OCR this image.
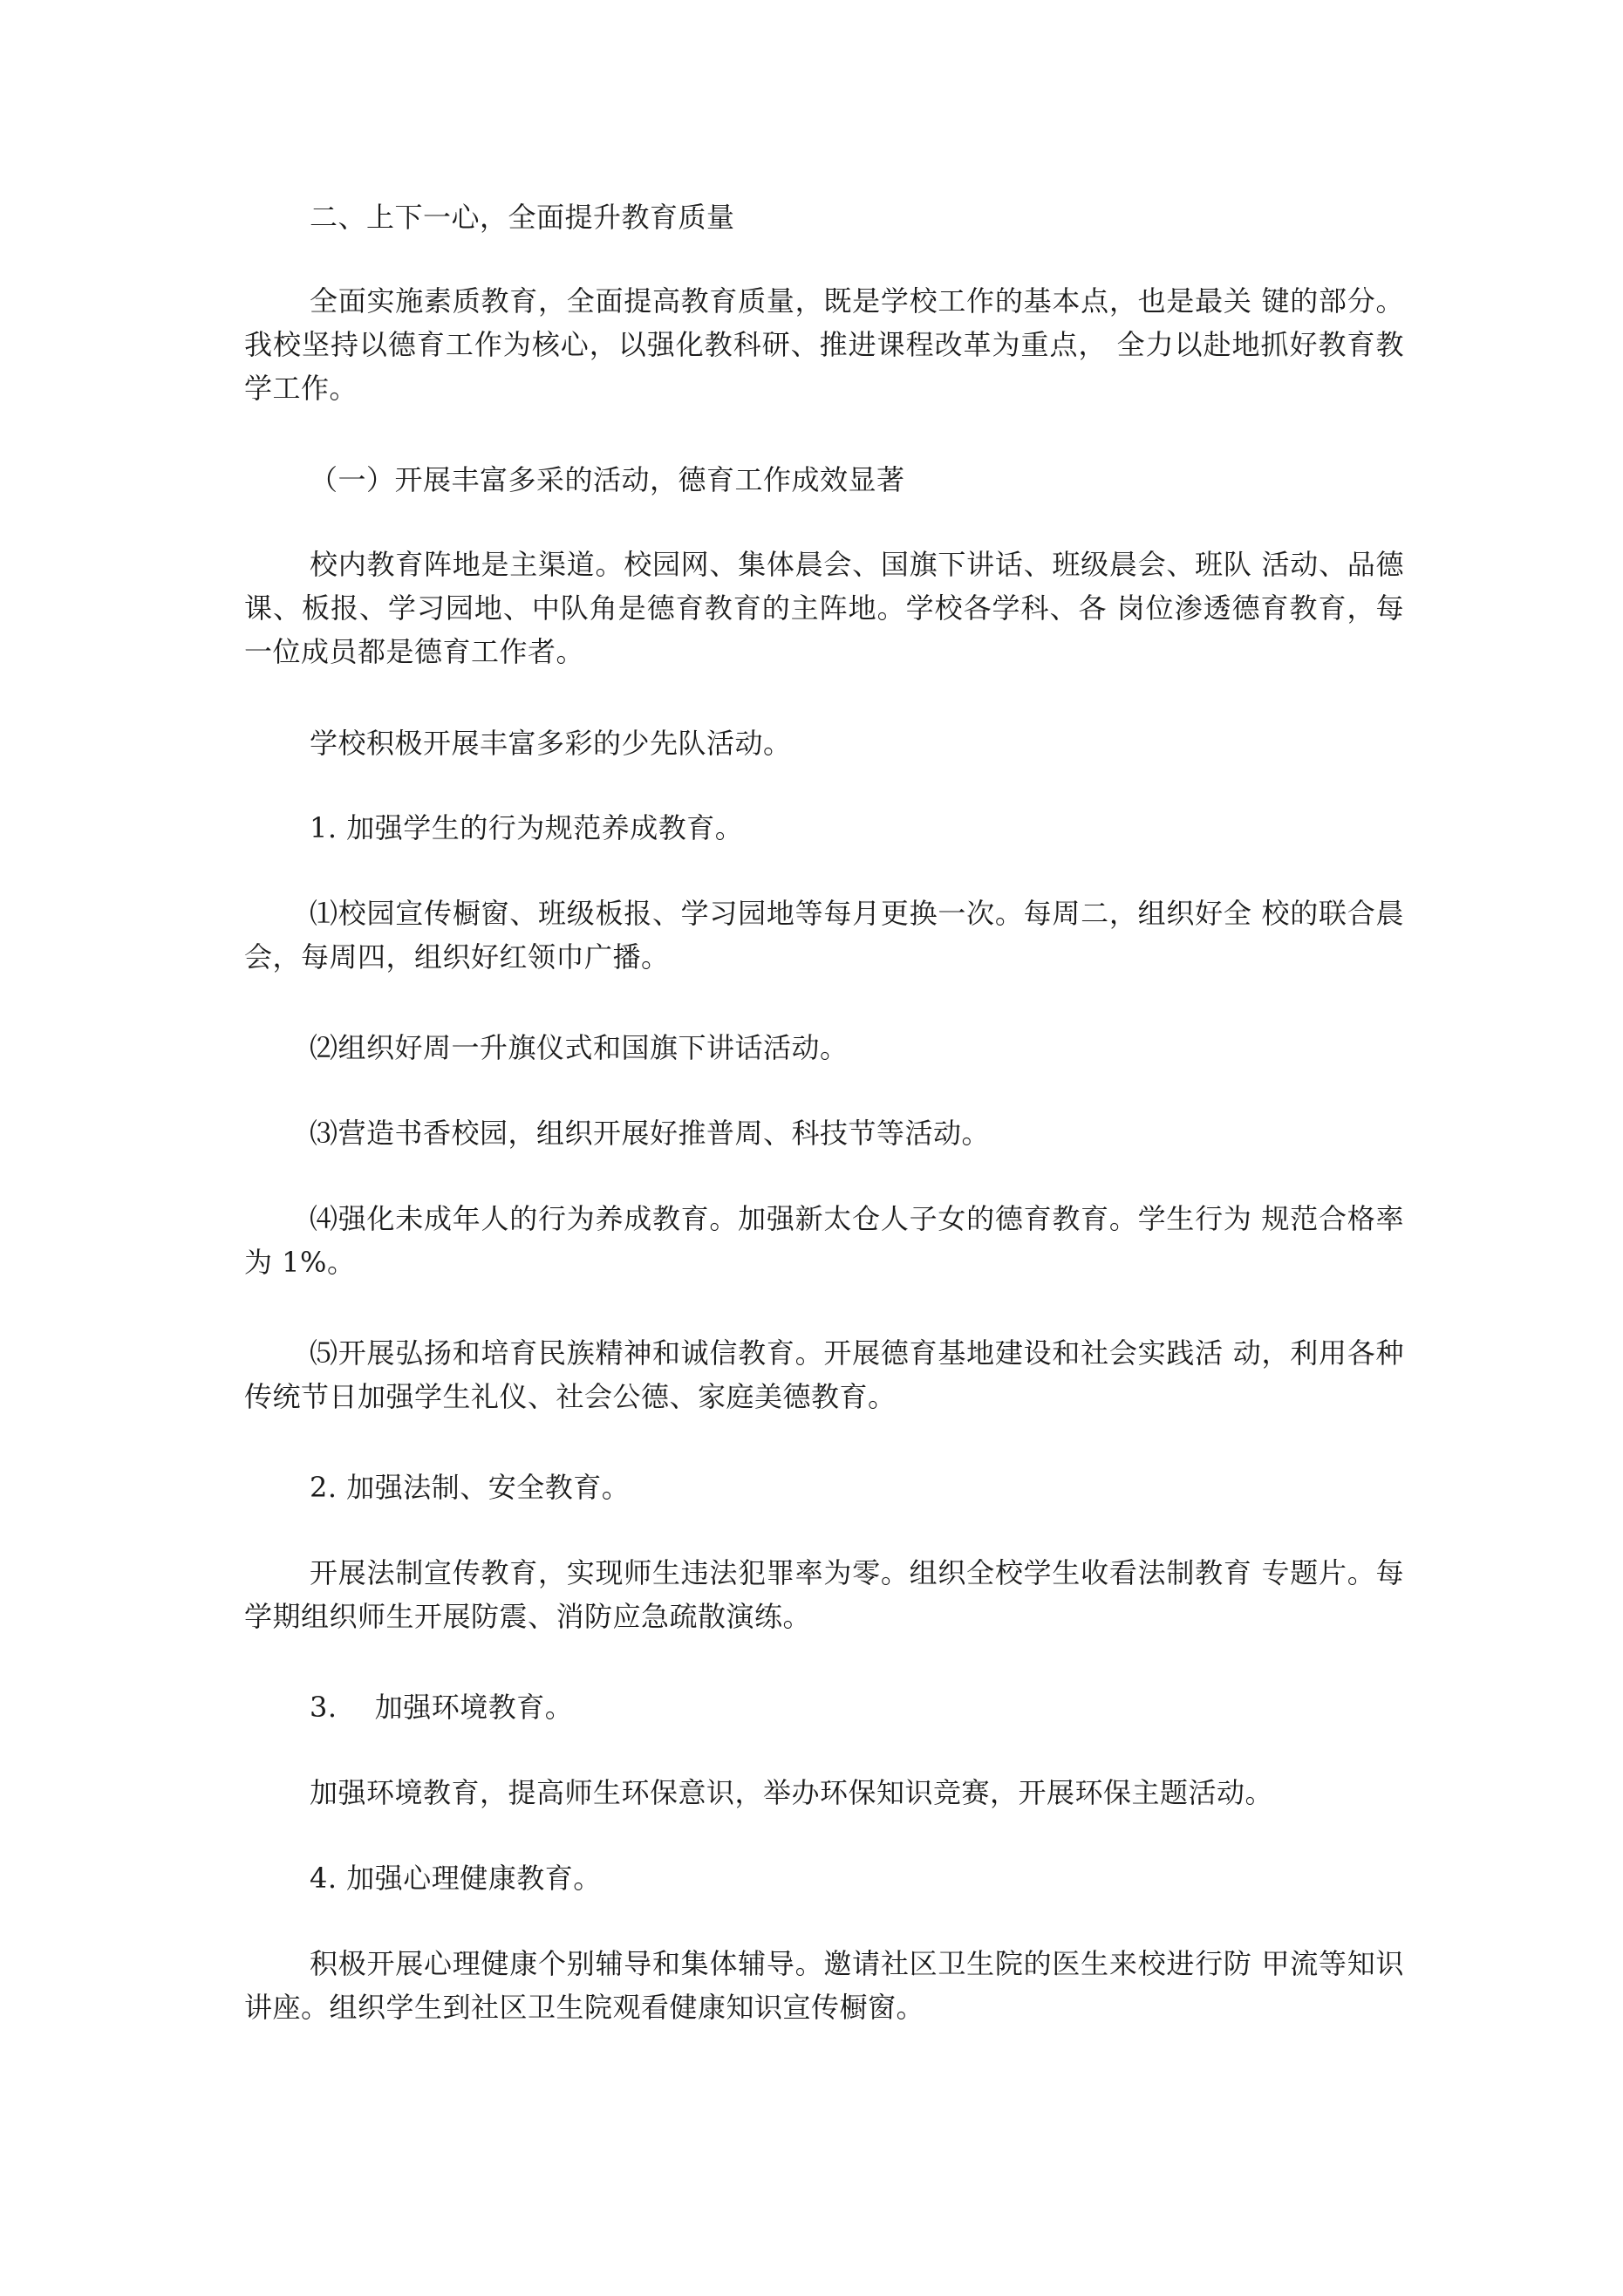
二、上下一心，全面提升教育质量

全面实施素质教育，全面提高教育质量，既是学校工作的基本点，也是最关 键的部分。我校坚持以德育工作为核心，以强化教科研、推进课程改革为重点， 全力以赴地抓好教育教学工作。

（一）开展丰富多采的活动，德育工作成效显著

校内教育阵地是主渠道。校园网、集体晨会、国旗下讲话、班级晨会、班队 活动、品德课、板报、学习园地、中队角是德育教育的主阵地。学校各学科、各 岗位渗透德育教育，每一位成员都是德育工作者。

学校积极开展丰富多彩的少先队活动。

1. 加强学生的行为规范养成教育。

⑴校园宣传橱窗、班级板报、学习园地等每月更换一次。每周二，组织好全 校的联合晨会，每周四，组织好红领巾广播。

⑵组织好周一升旗仪式和国旗下讲话活动。

⑶营造书香校园，组织开展好推普周、科技节等活动。

⑷强化未成年人的行为养成教育。加强新太仓人子女的德育教育。学生行为 规范合格率为 1%。

⑸开展弘扬和培育民族精神和诚信教育。开展德育基地建设和社会实践活 动，利用各种传统节日加强学生礼仪、社会公德、家庭美德教育。

2. 加强法制、安全教育。

开展法制宣传教育，实现师生违法犯罪率为零。组织全校学生收看法制教育 专题片。每学期组织师生开展防震、消防应急疏散演练。

3.　 加强环境教育。

加强环境教育，提高师生环保意识，举办环保知识竞赛，开展环保主题活动。

4. 加强心理健康教育。

积极开展心理健康个别辅导和集体辅导。邀请社区卫生院的医生来校进行防 甲流等知识讲座。组织学生到社区卫生院观看健康知识宣传橱窗。
